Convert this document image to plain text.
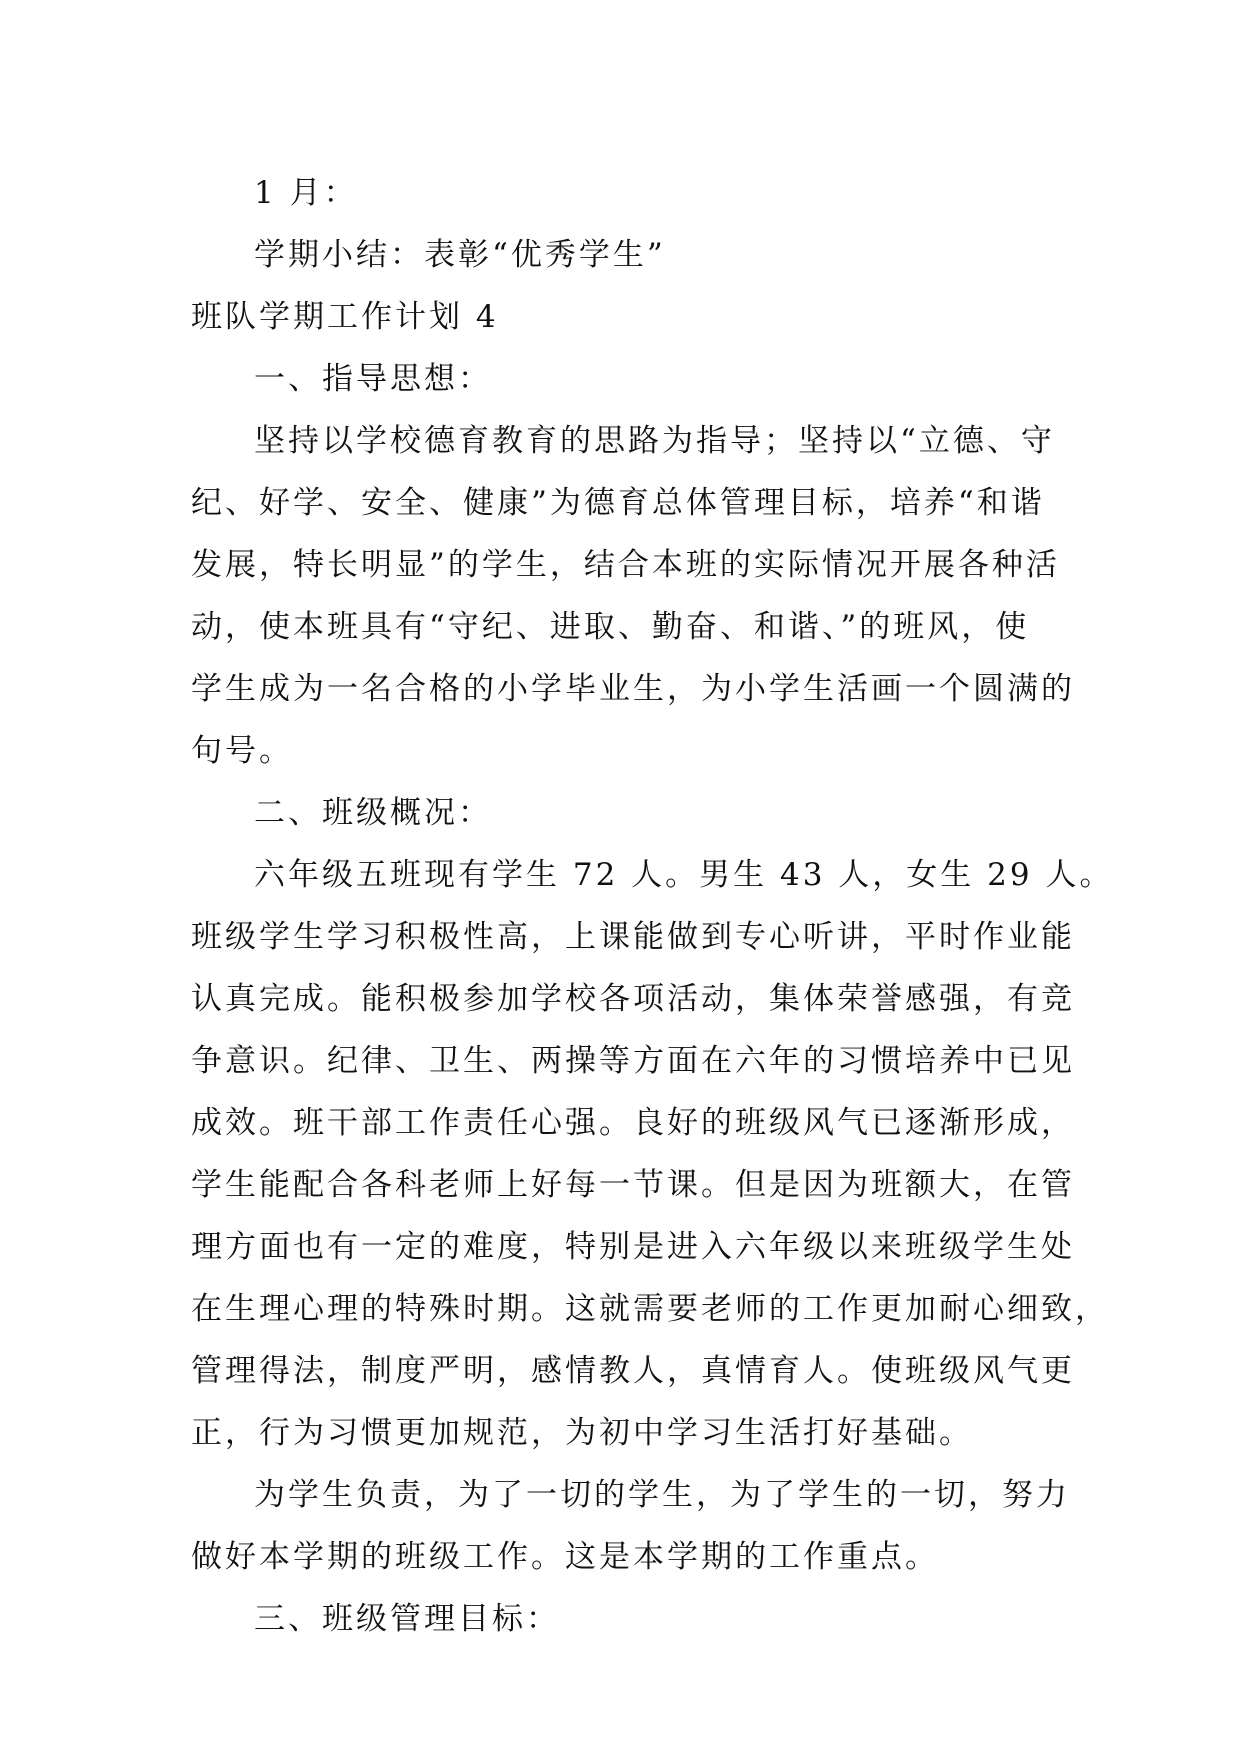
1 月：

学期小结：表彰“优秀学生”

班队学期工作计划 4

一、指导思想：

坚持以学校德育教育的思路为指导；坚持以“立德、守

纪、好学、安全、健康”为德育总体管理目标，培养“和谐

发展，特长明显”的学生，结合本班的实际情况开展各种活

动，使本班具有“守纪、进取、勤奋、和谐、”的班风，使

学生成为一名合格的小学毕业生，为小学生活画一个圆满的

句号。

二、班级概况：

六年级五班现有学生 72 人。男生 43 人，女生 29 人。

班级学生学习积极性高，上课能做到专心听讲，平时作业能

认真完成。能积极参加学校各项活动，集体荣誉感强，有竞

争意识。纪律、卫生、两操等方面在六年的习惯培养中已见

成效。班干部工作责任心强。良好的班级风气已逐渐形成，

学生能配合各科老师上好每一节课。但是因为班额大，在管

理方面也有一定的难度，特别是进入六年级以来班级学生处

在生理心理的特殊时期。这就需要老师的工作更加耐心细致，

管理得法，制度严明，感情教人，真情育人。使班级风气更

正，行为习惯更加规范，为初中学习生活打好基础。

为学生负责，为了一切的学生，为了学生的一切，努力

做好本学期的班级工作。这是本学期的工作重点。

三、班级管理目标：
